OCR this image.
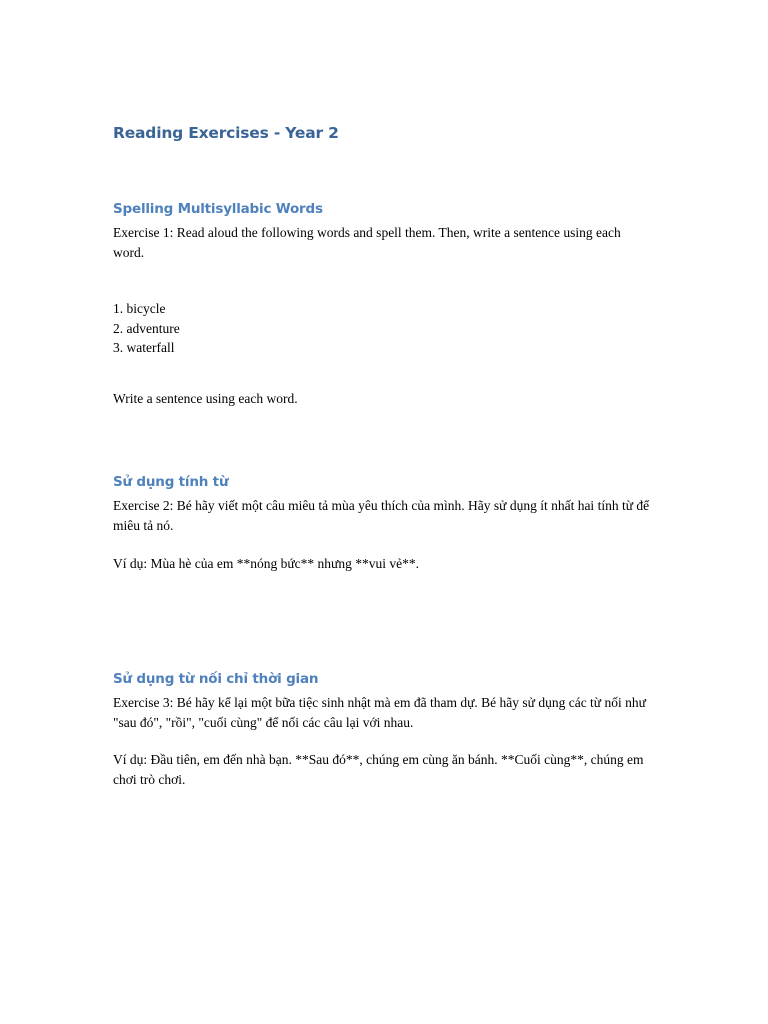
Reading Exercises - Year 2
Spelling Multisyllabic Words
Exercise 1: Read aloud the following words and spell them. Then, write a sentence using each word.
1. bicycle
2. adventure
3. waterfall
Write a sentence using each word.
Sử dụng tính từ
Exercise 2: Bé hãy viết một câu miêu tả mùa yêu thích của mình. Hãy sử dụng ít nhất hai tính từ để miêu tả nó.
Ví dụ: Mùa hè của em **nóng bức** nhưng **vui vẻ**.
Sử dụng từ nối chỉ thời gian
Exercise 3: Bé hãy kể lại một bữa tiệc sinh nhật mà em đã tham dự. Bé hãy sử dụng các từ nối như "sau đó", "rồi", "cuối cùng" để nối các câu lại với nhau.
Ví dụ: Đầu tiên, em đến nhà bạn. **Sau đó**, chúng em cùng ăn bánh. **Cuối cùng**, chúng em chơi trò chơi.
